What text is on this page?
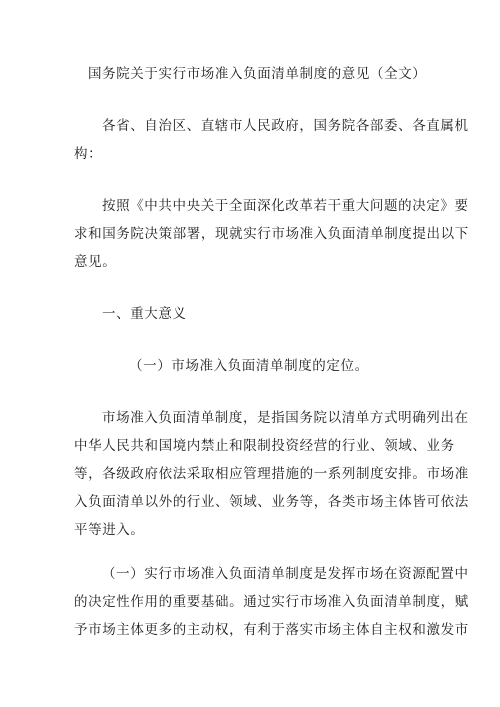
国务院关于实行市场准入负面清单制度的意见（全文）
各省、自治区、直辖市人民政府，国务院各部委、各直属机
构：
按照《中共中央关于全面深化改革若干重大问题的决定》要
求和国务院决策部署，现就实行市场准入负面清单制度提出以下
意见。
一、重大意义
（一）市场准入负面清单制度的定位。
市场准入负面清单制度，是指国务院以清单方式明确列出在
中华人民共和国境内禁止和限制投资经营的行业、领域、业务
等，各级政府依法采取相应管理措施的一系列制度安排。市场准
入负面清单以外的行业、领域、业务等，各类市场主体皆可依法
平等进入。
（一）实行市场准入负面清单制度是发挥市场在资源配置中
的决定性作用的重要基础。通过实行市场准入负面清单制度，赋
予市场主体更多的主动权，有利于落实市场主体自主权和激发市
